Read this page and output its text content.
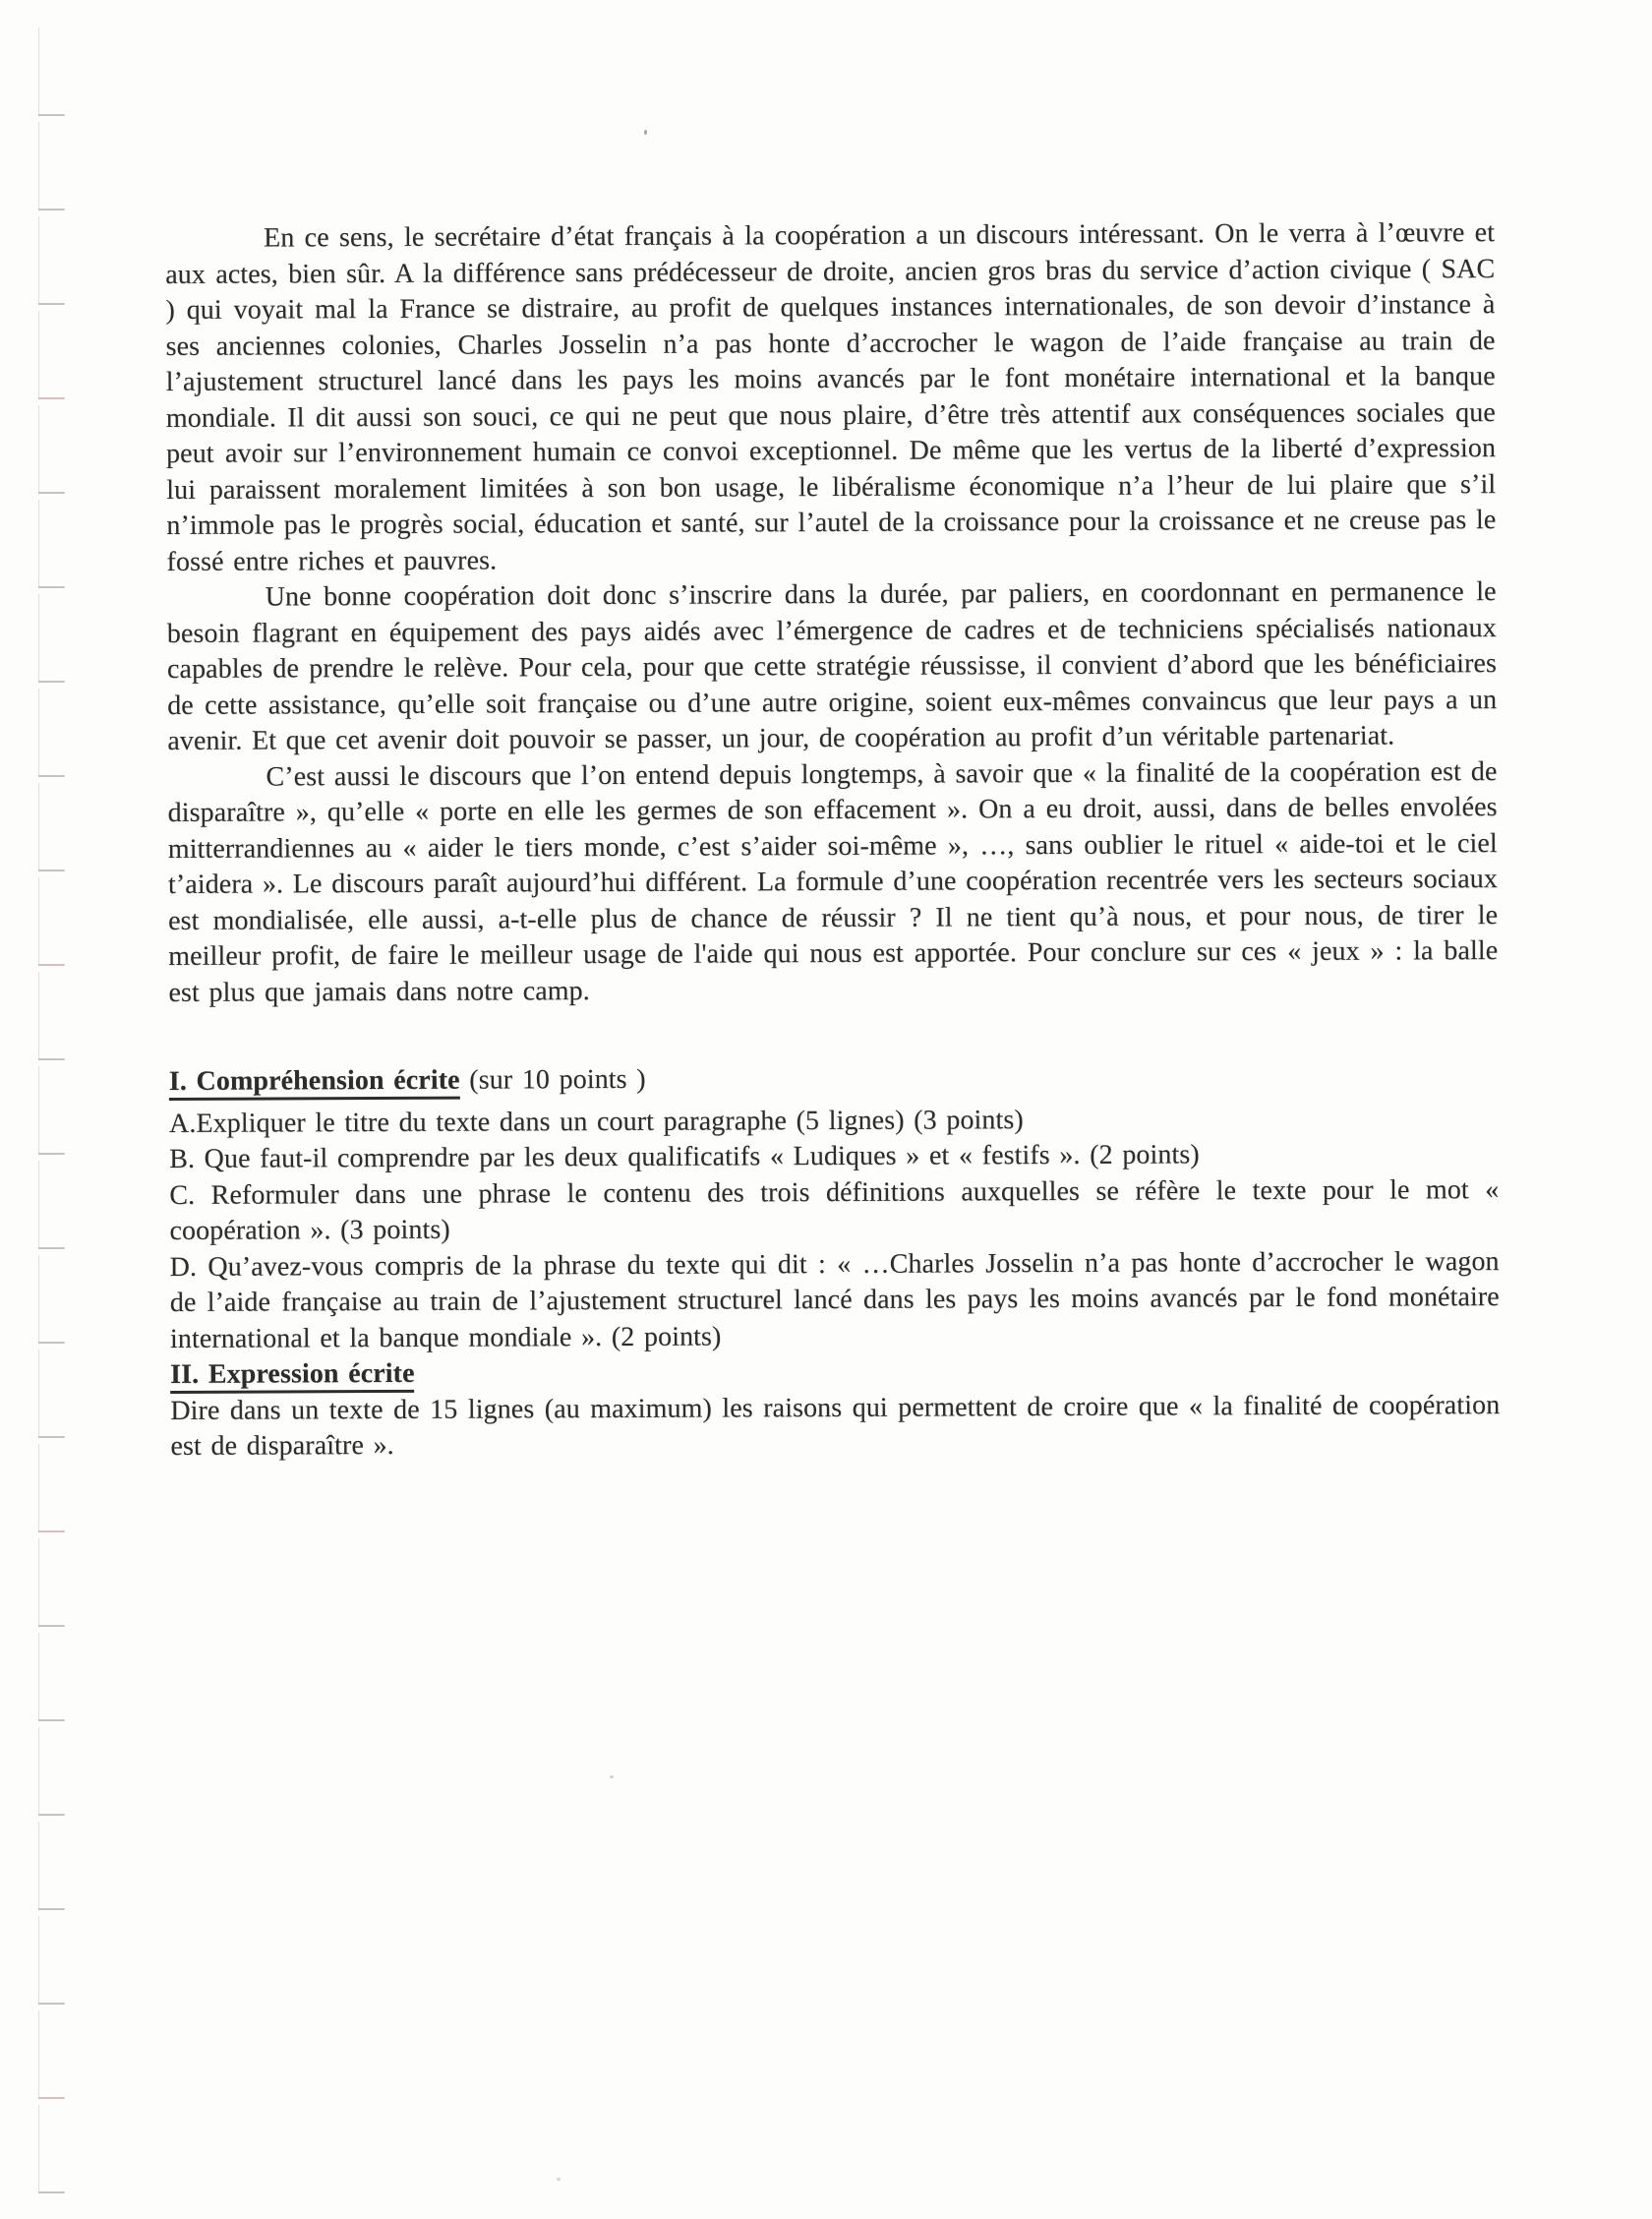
En ce sens, le secrétaire d’état français à la coopération a un discours intéressant. On le verra à l’œuvre et aux actes, bien sûr. A la différence sans prédécesseur de droite, ancien gros bras du service d’action civique ( SAC ) qui voyait mal la France se distraire, au profit de quelques instances internationales, de son devoir d’instance à ses anciennes colonies, Charles Josselin n’a pas honte d’accrocher le wagon de l’aide française au train de l’ajustement structurel lancé dans les pays les moins avancés par le font monétaire international et la banque mondiale. Il dit aussi son souci, ce qui ne peut que nous plaire, d’être très attentif aux conséquences sociales que peut avoir sur l’environnement humain ce convoi exceptionnel. De même que les vertus de la liberté d’expression lui paraissent moralement limitées à son bon usage, le libéralisme économique n’a l’heur de lui plaire que s’il n’immole pas le progrès social, éducation et santé, sur l’autel de la croissance pour la croissance et ne creuse pas le fossé entre riches et pauvres.

Une bonne coopération doit donc s’inscrire dans la durée, par paliers, en coordonnant en permanence le besoin flagrant en équipement des pays aidés avec l’émergence de cadres et de techniciens spécialisés nationaux capables de prendre le relève. Pour cela, pour que cette stratégie réussisse, il convient d’abord que les bénéficiaires de cette assistance, qu’elle soit française ou d’une autre origine, soient eux-mêmes convaincus que leur pays a un avenir. Et que cet avenir doit pouvoir se passer, un jour, de coopération au profit d’un véritable partenariat.

C’est aussi le discours que l’on entend depuis longtemps, à savoir que « la finalité de la coopération est de disparaître », qu’elle « porte en elle les germes de son effacement ». On a eu droit, aussi, dans de belles envolées mitterrandiennes au « aider le tiers monde, c’est s’aider soi-même », …, sans oublier le rituel « aide-toi et le ciel t’aidera ». Le discours paraît aujourd’hui différent. La formule d’une coopération recentrée vers les secteurs sociaux est mondialisée, elle aussi, a-t-elle plus de chance de réussir ? Il ne tient qu’à nous, et pour nous, de tirer le meilleur profit, de faire le meilleur usage de l'aide qui nous est apportée. Pour conclure sur ces « jeux » : la balle est plus que jamais dans notre camp.

I. Compréhension écrite (sur 10 points )

A.Expliquer le titre du texte dans un court paragraphe (5 lignes) (3 points)

B. Que faut-il comprendre par les deux qualificatifs « Ludiques » et « festifs ». (2 points)

C. Reformuler dans une phrase le contenu des trois définitions auxquelles se réfère le texte pour le mot « coopération ». (3 points)

D. Qu’avez-vous compris de la phrase du texte qui dit : « …Charles Josselin n’a pas honte d’accrocher le wagon de l’aide française au train de l’ajustement structurel lancé dans les pays les moins avancés par le fond monétaire international et la banque mondiale ». (2 points)

II. Expression écrite

Dire dans un texte de 15 lignes (au maximum) les raisons qui permettent de croire que « la finalité de coopération est de disparaître ».
